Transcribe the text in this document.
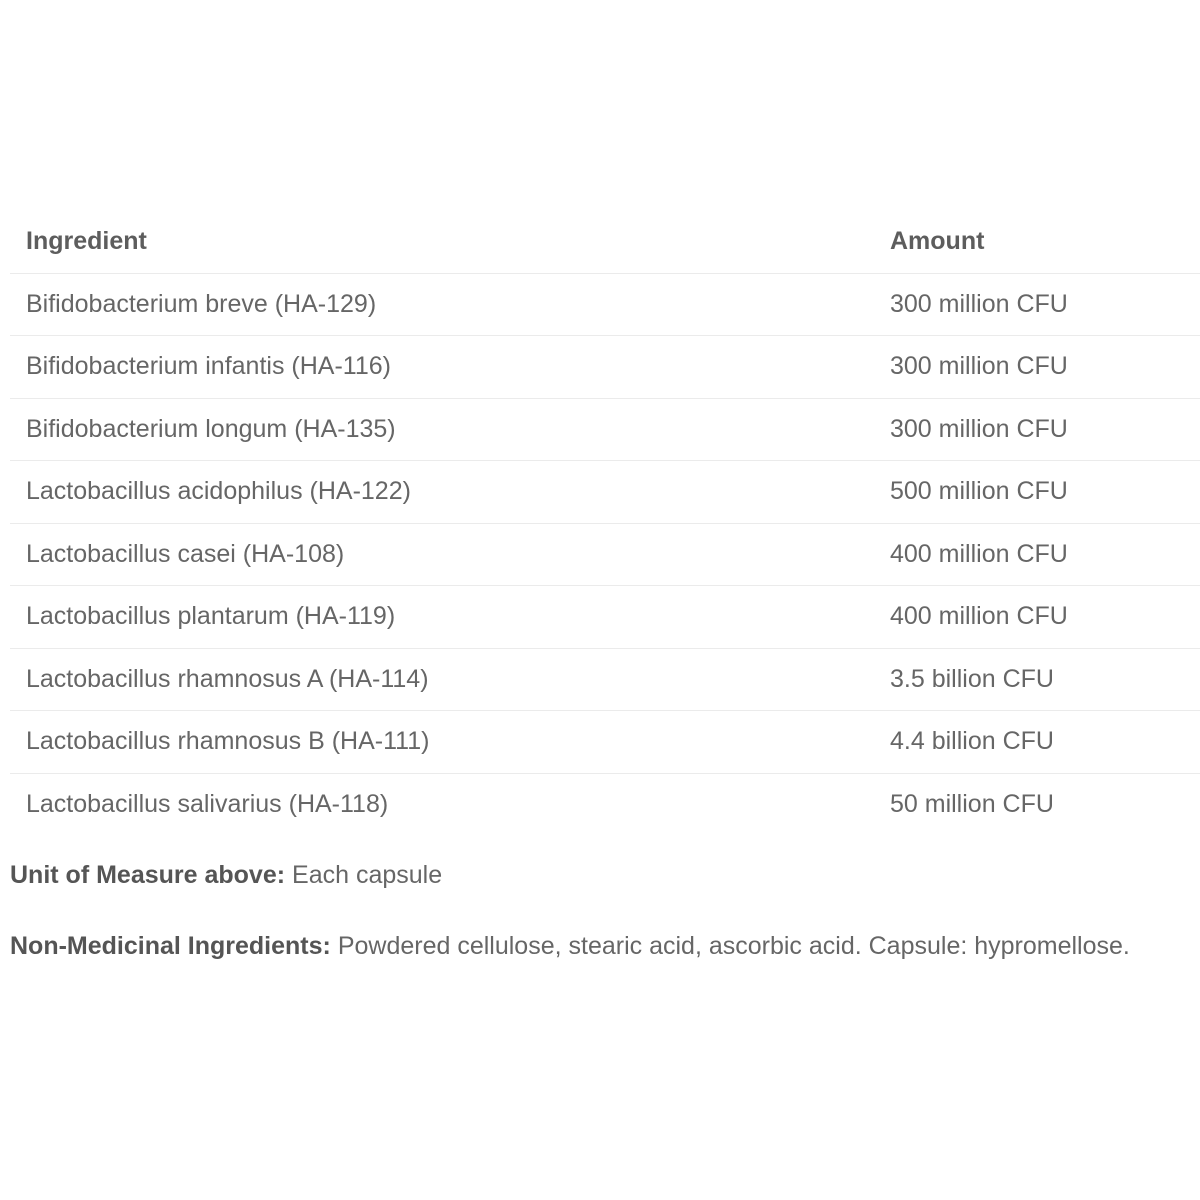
Ingredient	Amount
Bifidobacterium breve (HA-129)	300 million CFU
Bifidobacterium infantis (HA-116)	300 million CFU
Bifidobacterium longum (HA-135)	300 million CFU
Lactobacillus acidophilus (HA-122)	500 million CFU
Lactobacillus casei (HA-108)	400 million CFU
Lactobacillus plantarum (HA-119)	400 million CFU
Lactobacillus rhamnosus A (HA-114)	3.5 billion CFU
Lactobacillus rhamnosus B (HA-111)	4.4 billion CFU
Lactobacillus salivarius (HA-118)	50 million CFU
Unit of Measure above: Each capsule
Non-Medicinal Ingredients: Powdered cellulose, stearic acid, ascorbic acid. Capsule: hypromellose.
